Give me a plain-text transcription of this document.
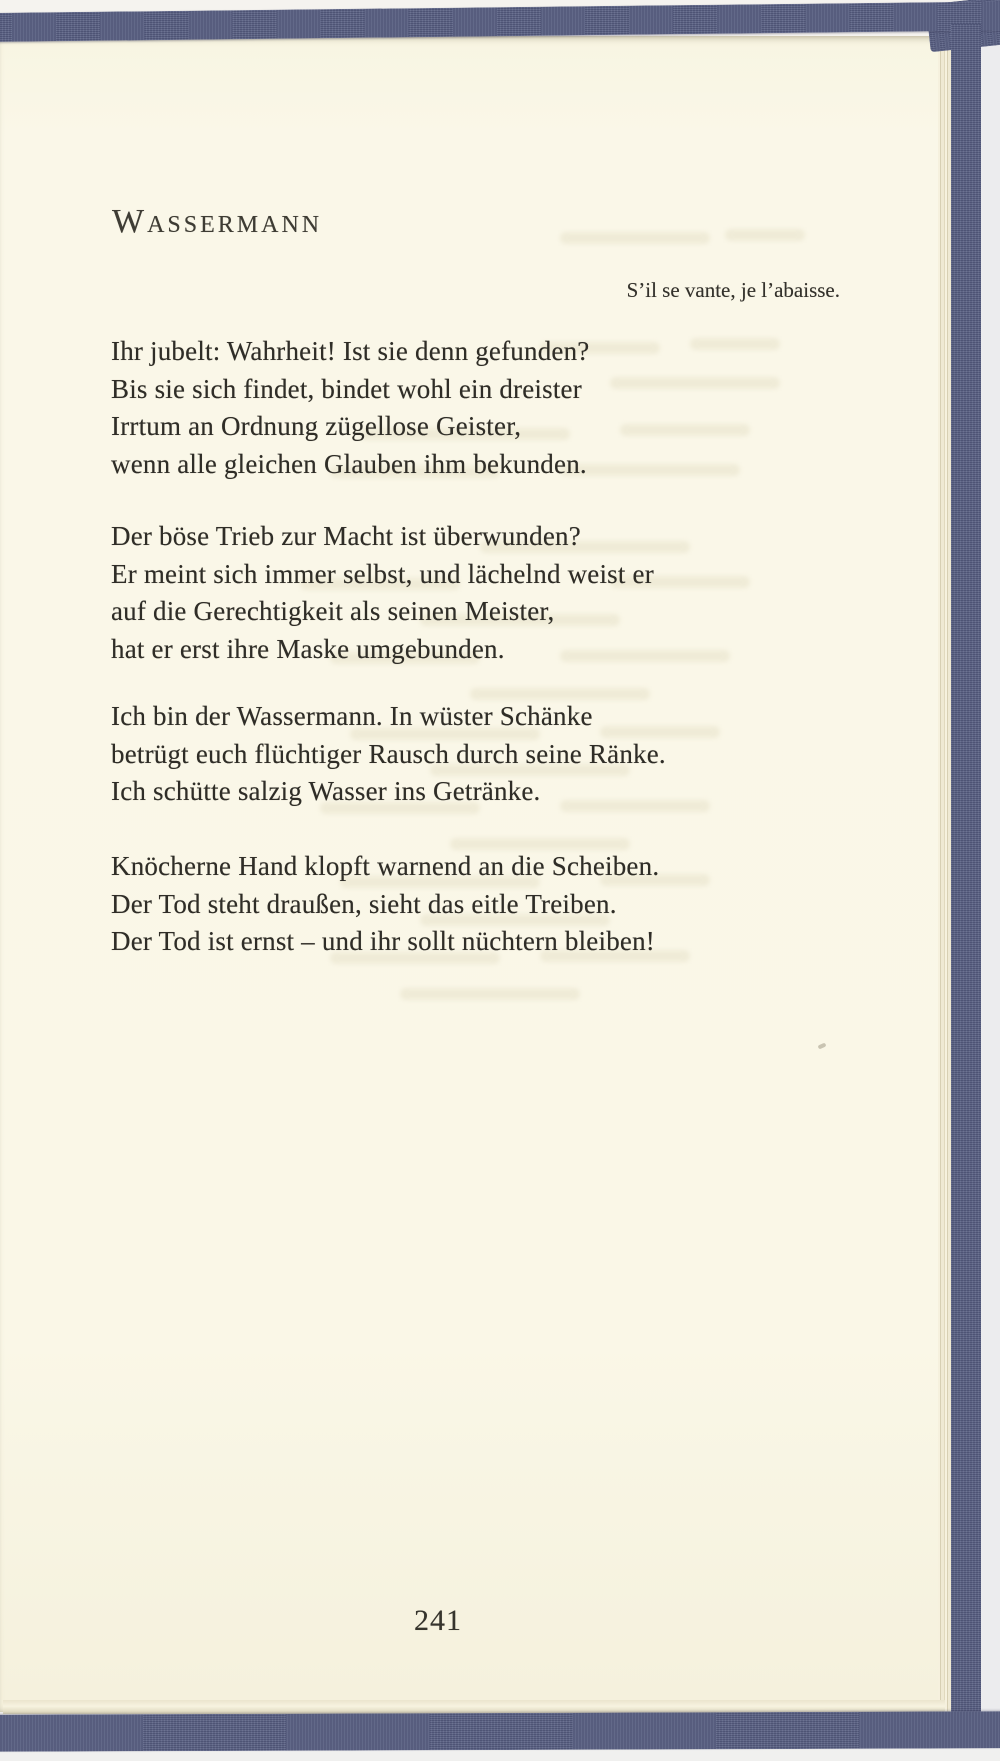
WASSERMANN
S’il se vante, je l’abaisse.
Ihr jubelt: Wahrheit! Ist sie denn gefunden?
Bis sie sich findet, bindet wohl ein dreister
Irrtum an Ordnung zügellose Geister,
wenn alle gleichen Glauben ihm bekunden.
Der böse Trieb zur Macht ist überwunden?
Er meint sich immer selbst, und lächelnd weist er
auf die Gerechtigkeit als seinen Meister,
hat er erst ihre Maske umgebunden.
Ich bin der Wassermann. In wüster Schänke
betrügt euch flüchtiger Rausch durch seine Ränke.
Ich schütte salzig Wasser ins Getränke.
Knöcherne Hand klopft warnend an die Scheiben.
Der Tod steht draußen, sieht das eitle Treiben.
Der Tod ist ernst – und ihr sollt nüchtern bleiben!
241
